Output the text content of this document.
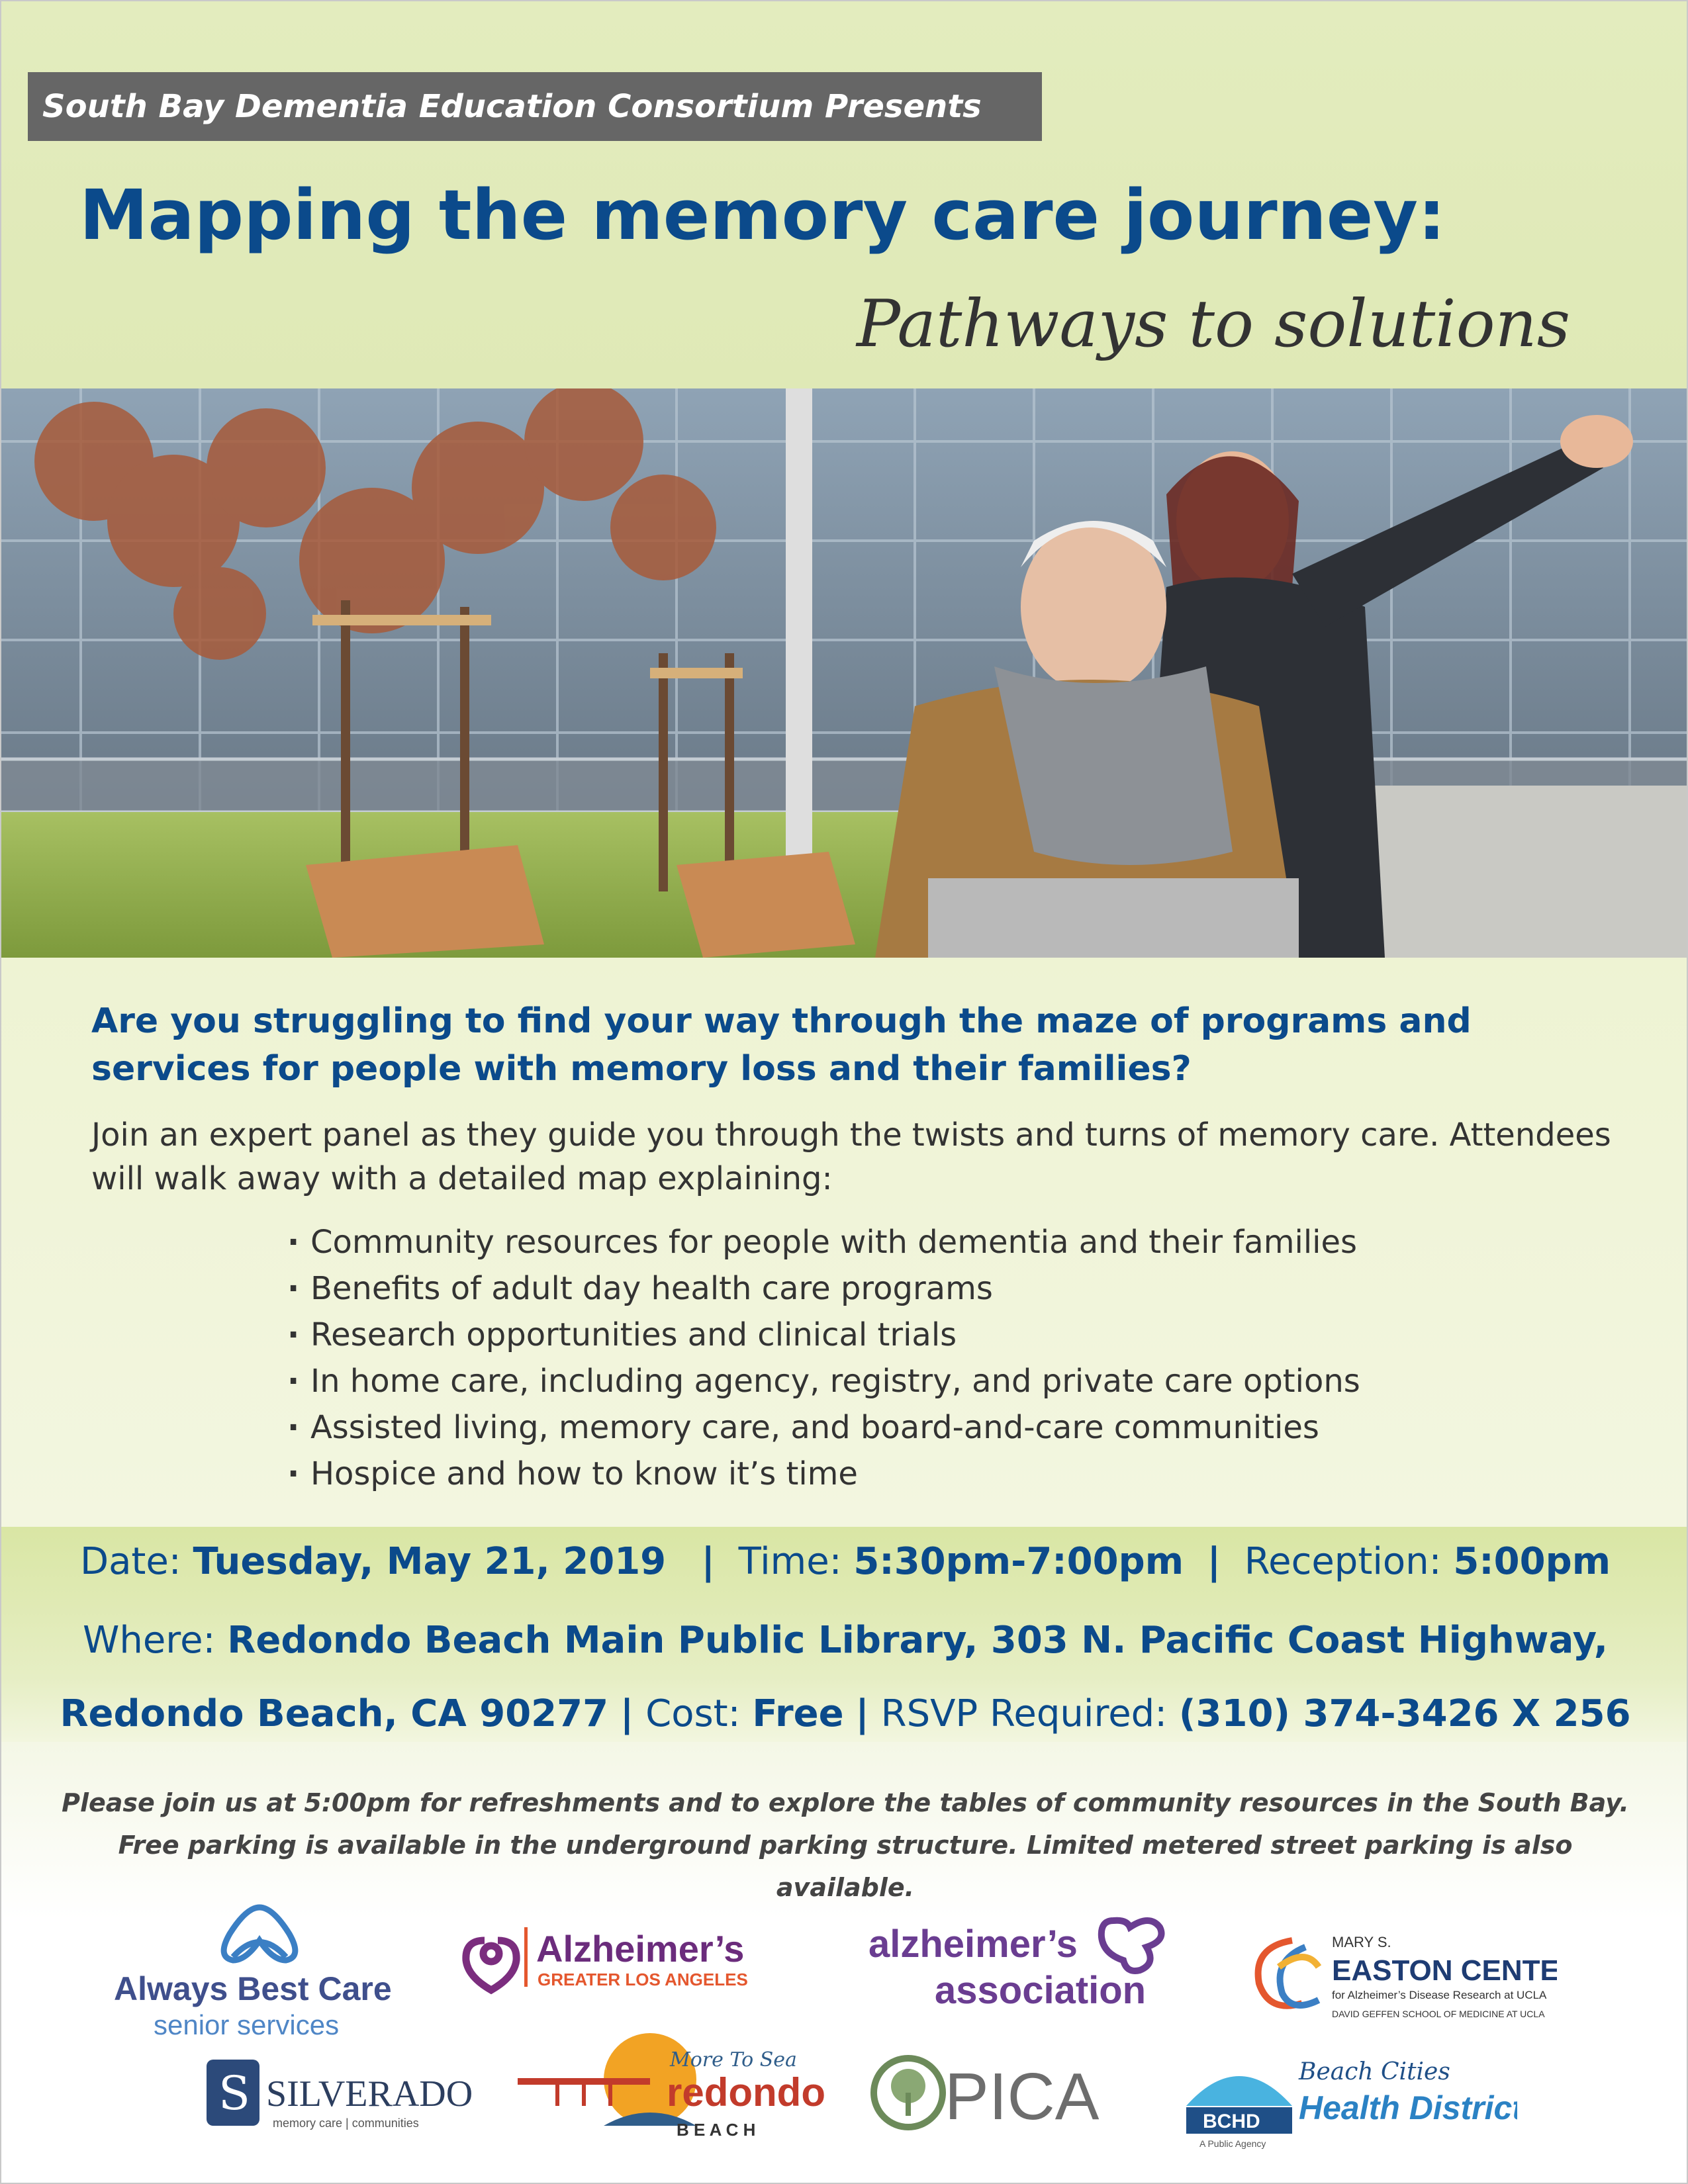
South Bay Dementia Education Consortium Presents
Mapping the memory care journey:
Pathways to solutions
Are you struggling to find your way through the maze of programs and services for people with memory loss and their families?
Join an expert panel as they guide you through the twists and turns of memory care. Attendees will walk away with a detailed map explaining:
· Community resources for people with dementia and their families
· Benefits of adult day health care programs
· Research opportunities and clinical trials
· In home care, including agency, registry, and private care options
· Assisted living, memory care, and board-and-care communities
· Hospice and how to know it’s time
Date: Tuesday, May 21, 2019 | Time: 5:30pm-7:00pm | Reception: 5:00pm
Where: Redondo Beach Main Public Library, 303 N. Pacific Coast Highway,
Redondo Beach, CA 90277 | Cost: Free | RSVP Required: (310) 374-3426 X 256
Please join us at 5:00pm for refreshments and to explore the tables of community resources in the South Bay. Free parking is available in the underground parking structure. Limited metered street parking is also available.
Always Best Care
senior services
Alzheimer’s
GREATER LOS ANGELES
alzheimer’s
association
MARY S.
EASTON CENTER
for Alzheimer’s Disease Research at UCLA
DAVID GEFFEN SCHOOL OF MEDICINE AT UCLA
S SILVERADO
memory care | communities
More To Sea
redondo
B E A C H	PICA	BCHD
Beach Cities
Health District
A Public Agency
